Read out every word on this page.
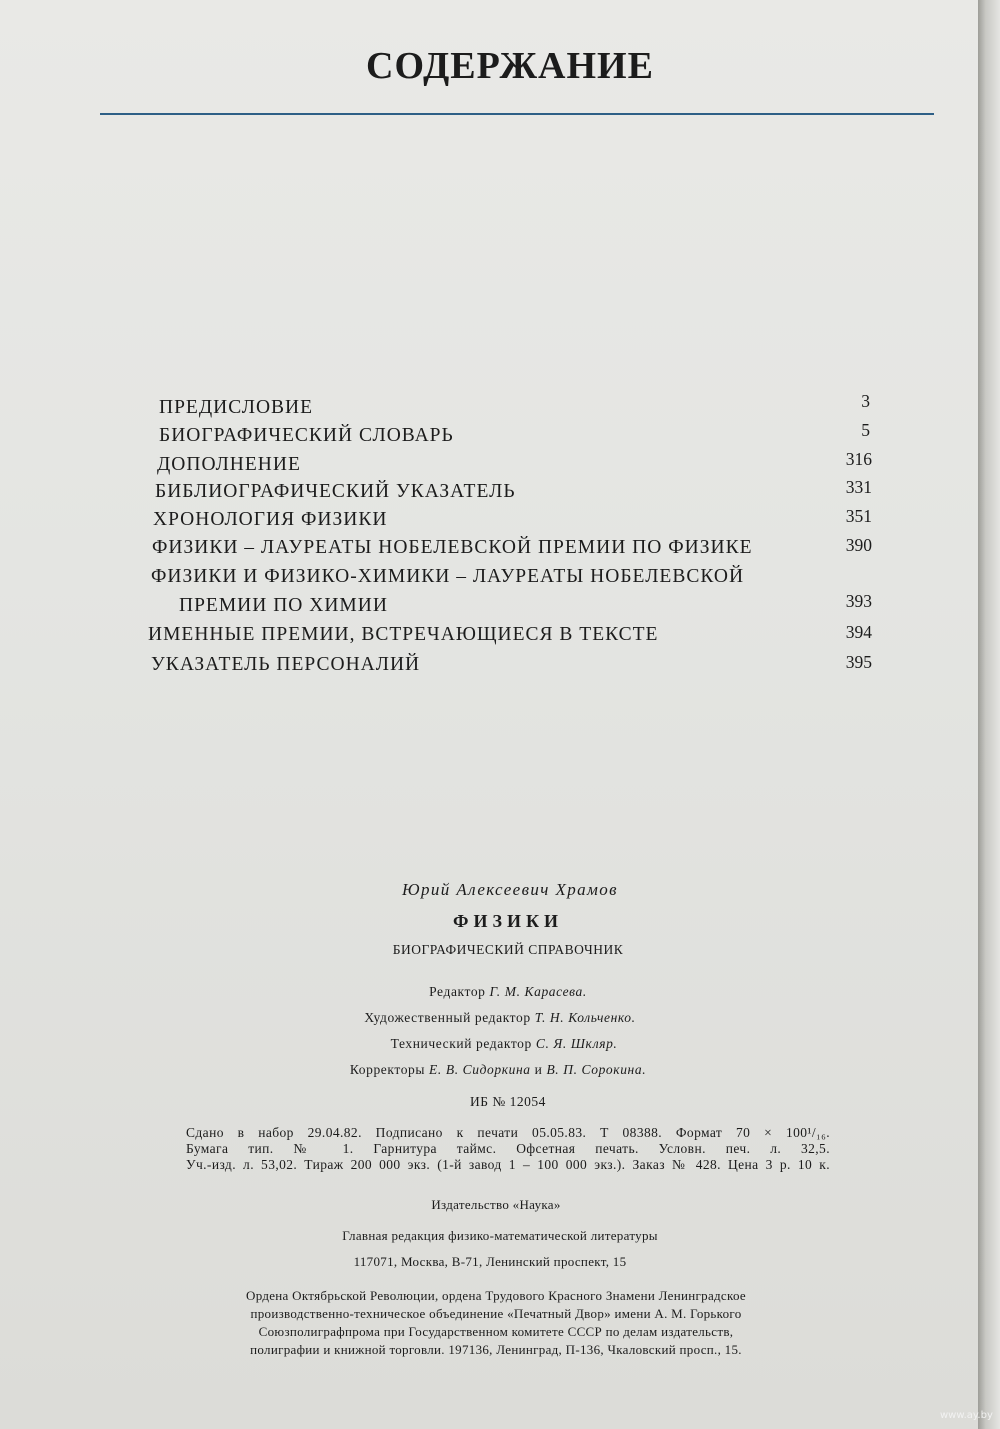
СОДЕРЖАНИЕ
ПРЕДИСЛОВИЕ	3
БИОГРАФИЧЕСКИЙ СЛОВАРЬ	5
ДОПОЛНЕНИЕ	316
БИБЛИОГРАФИЧЕСКИЙ УКАЗАТЕЛЬ	331
ХРОНОЛОГИЯ ФИЗИКИ	351
ФИЗИКИ – ЛАУРЕАТЫ НОБЕЛЕВСКОЙ ПРЕМИИ ПО ФИЗИКЕ	390
ФИЗИКИ И ФИЗИКО-ХИМИКИ – ЛАУРЕАТЫ НОБЕЛЕВСКОЙ
ПРЕМИИ ПО ХИМИИ	393
ИМЕННЫЕ ПРЕМИИ, ВСТРЕЧАЮЩИЕСЯ В ТЕКСТЕ	394
УКАЗАТЕЛЬ ПЕРСОНАЛИЙ	395
Юрий Алексеевич Храмов
ФИЗИКИ
БИОГРАФИЧЕСКИЙ СПРАВОЧНИК
Редактор Г. М. Карасева.
Художественный редактор Т. Н. Кольченко.
Технический редактор С. Я. Шкляр.
Корректоры Е. В. Сидоркина и В. П. Сорокина.
ИБ № 12054
Сдано в набор 29.04.82. Подписано к печати 05.05.83. Т 08388. Формат 70 × 100¹/₁₆.
Бумага тип. № 1. Гарнитура таймс. Офсетная печать. Условн. печ. л. 32,5.
Уч.-изд. л. 53,02. Тираж 200 000 экз. (1-й завод 1 – 100 000 экз.). Заказ № 428. Цена 3 р. 10 к.
Издательство «Наука»
Главная редакция физико-математической литературы
117071, Москва, В-71, Ленинский проспект, 15
Ордена Октябрьской Революции, ордена Трудового Красного Знамени Ленинградское
производственно-техническое объединение «Печатный Двор» имени А. М. Горького
Союзполиграфпрома при Государственном комитете СССР по делам издательств,
полиграфии и книжной торговли. 197136, Ленинград, П-136, Чкаловский просп., 15.
www.ay.by
